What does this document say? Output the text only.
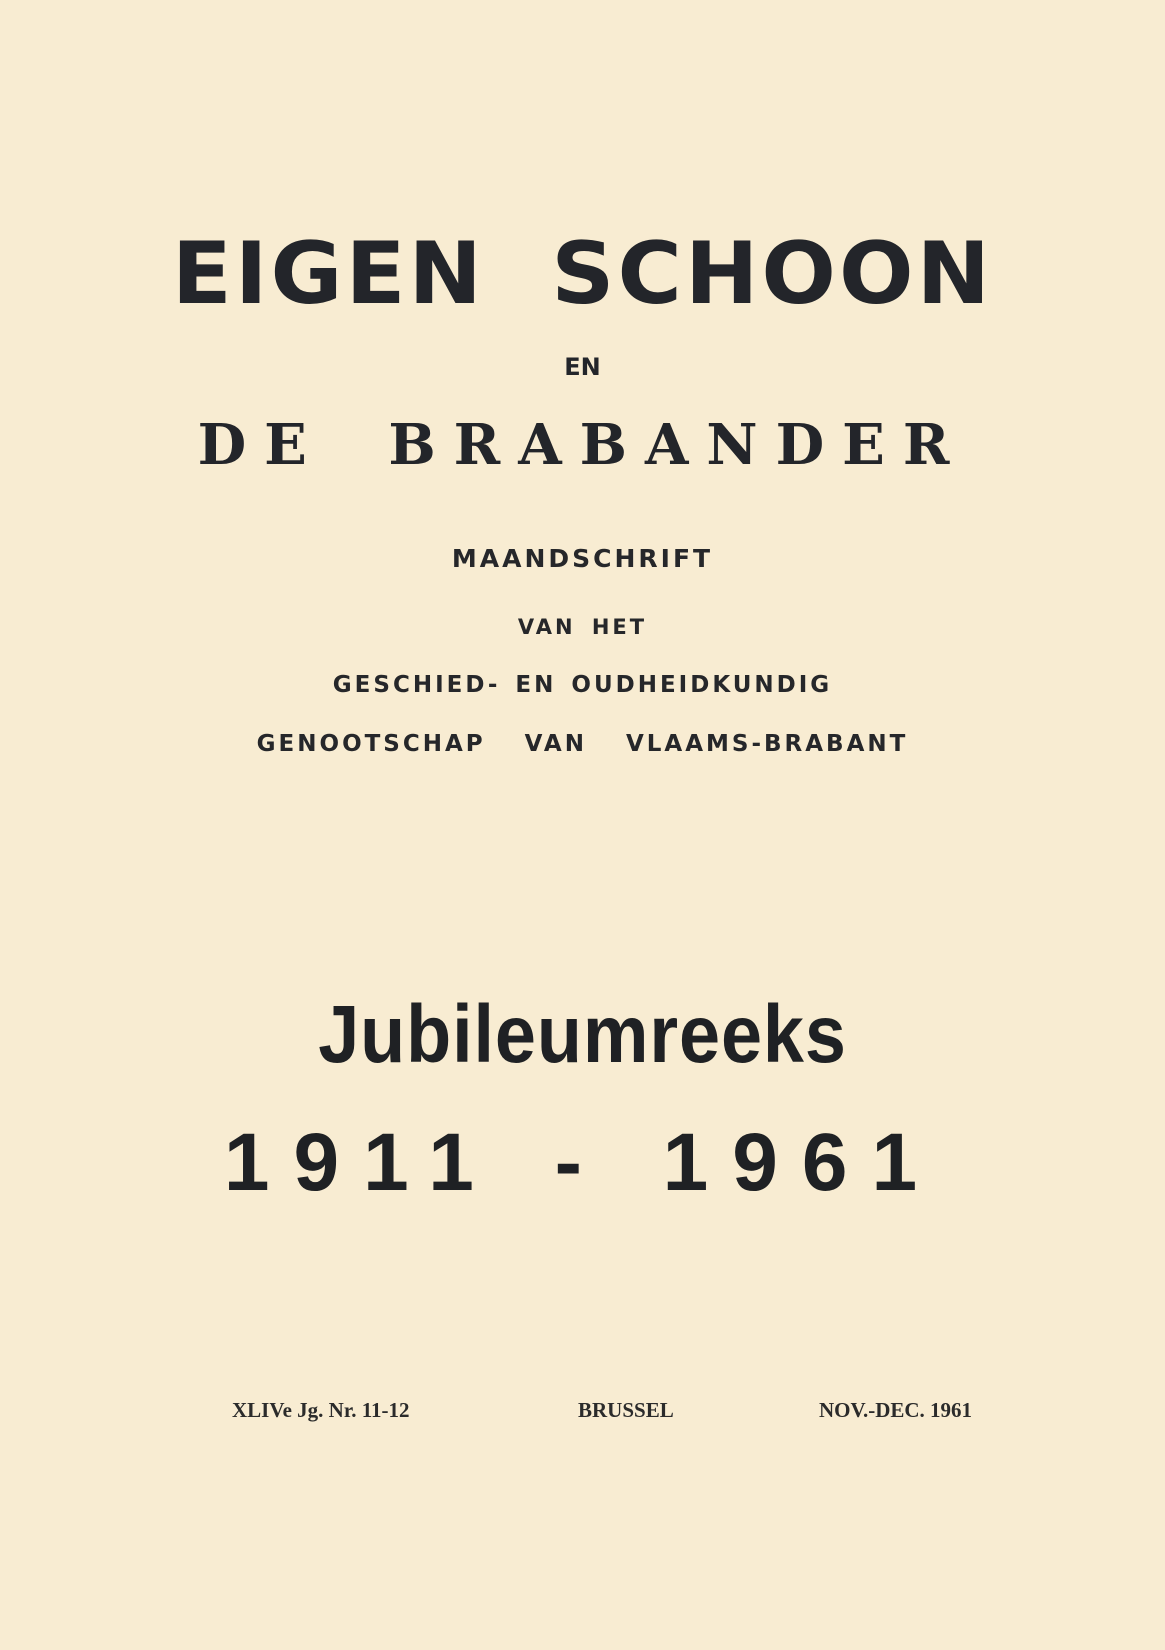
EIGEN SCHOON
EN
DE BRABANDER
MAANDSCHRIFT
VAN HET
GESCHIED- EN OUDHEIDKUNDIG
GENOOTSCHAP VAN VLAAMS-BRABANT
Jubileumreeks
1911 - 1961
XLIVe Jg. Nr. 11-12	BRUSSEL	NOV.-DEC. 1961
